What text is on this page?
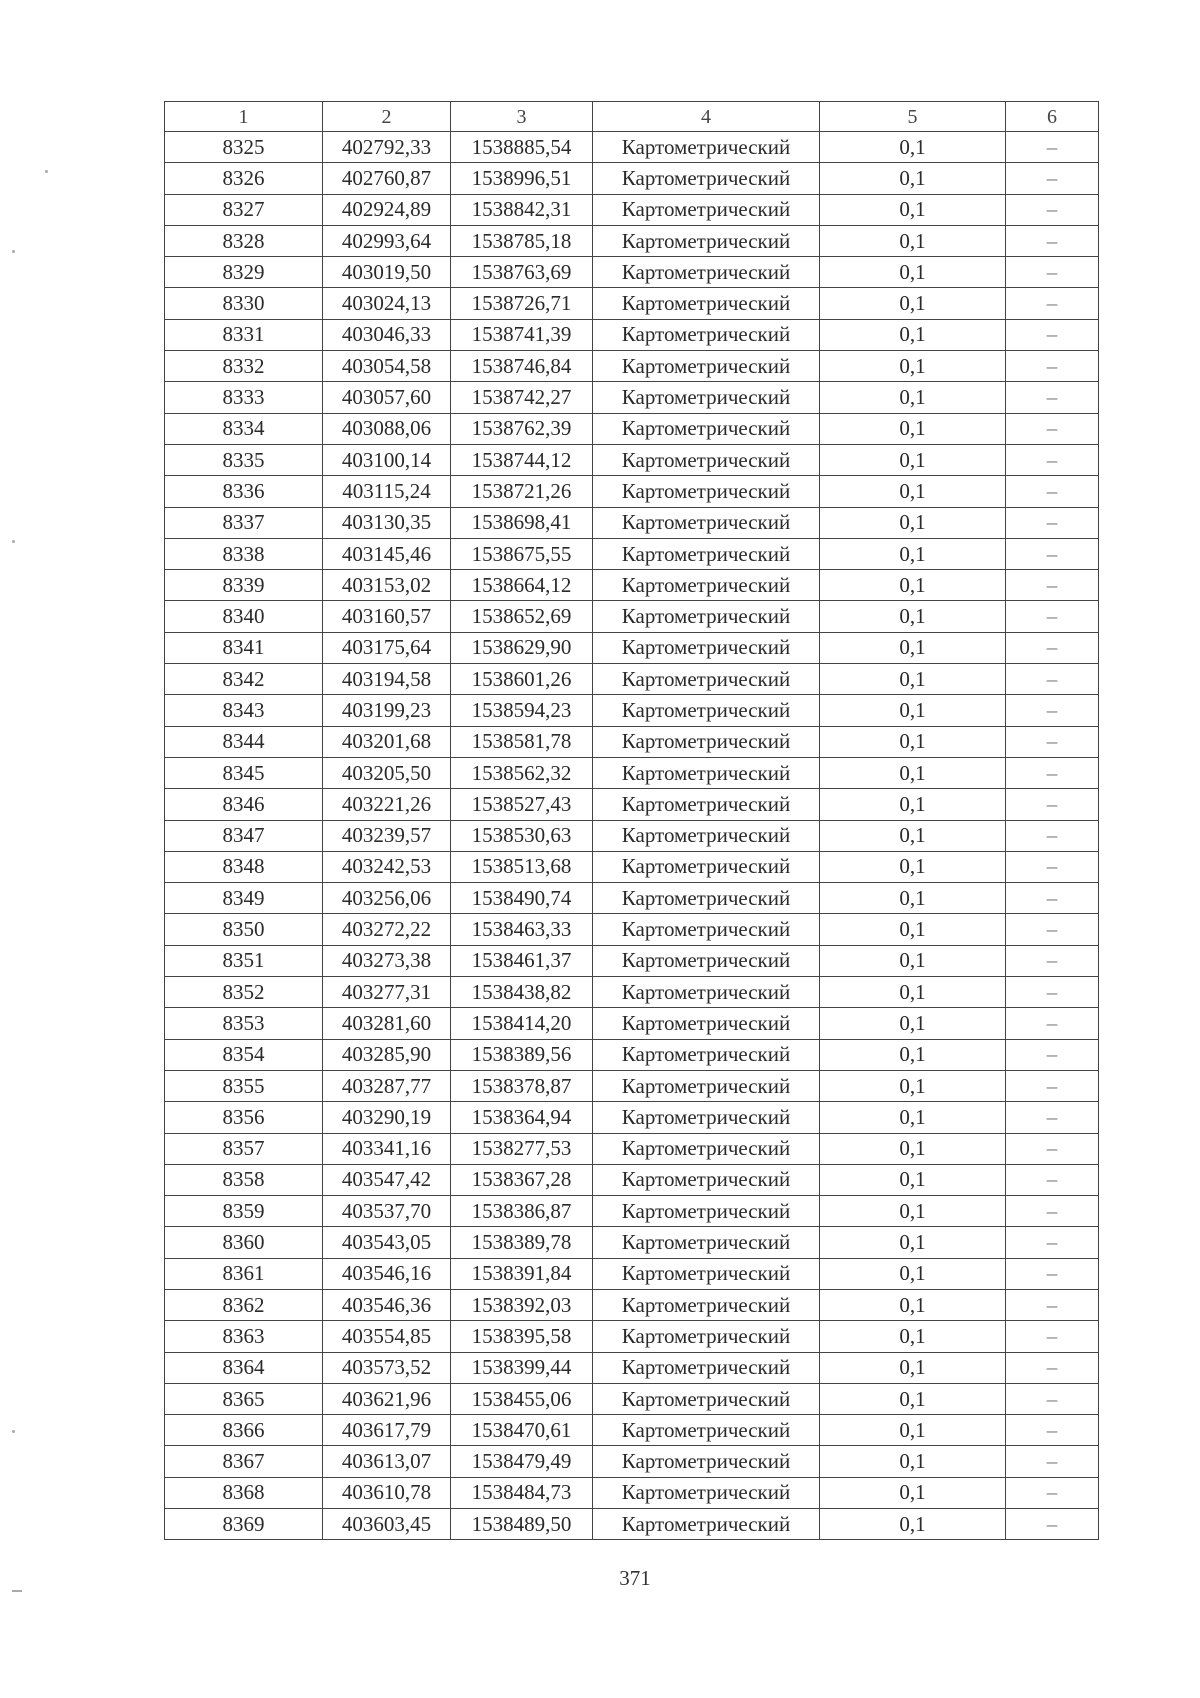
1	2	3	4	5	6
8325	402792,33	1538885,54	Картометрический	0,1	–
8326	402760,87	1538996,51	Картометрический	0,1	–
8327	402924,89	1538842,31	Картометрический	0,1	–
8328	402993,64	1538785,18	Картометрический	0,1	–
8329	403019,50	1538763,69	Картометрический	0,1	–
8330	403024,13	1538726,71	Картометрический	0,1	–
8331	403046,33	1538741,39	Картометрический	0,1	–
8332	403054,58	1538746,84	Картометрический	0,1	–
8333	403057,60	1538742,27	Картометрический	0,1	–
8334	403088,06	1538762,39	Картометрический	0,1	–
8335	403100,14	1538744,12	Картометрический	0,1	–
8336	403115,24	1538721,26	Картометрический	0,1	–
8337	403130,35	1538698,41	Картометрический	0,1	–
8338	403145,46	1538675,55	Картометрический	0,1	–
8339	403153,02	1538664,12	Картометрический	0,1	–
8340	403160,57	1538652,69	Картометрический	0,1	–
8341	403175,64	1538629,90	Картометрический	0,1	–
8342	403194,58	1538601,26	Картометрический	0,1	–
8343	403199,23	1538594,23	Картометрический	0,1	–
8344	403201,68	1538581,78	Картометрический	0,1	–
8345	403205,50	1538562,32	Картометрический	0,1	–
8346	403221,26	1538527,43	Картометрический	0,1	–
8347	403239,57	1538530,63	Картометрический	0,1	–
8348	403242,53	1538513,68	Картометрический	0,1	–
8349	403256,06	1538490,74	Картометрический	0,1	–
8350	403272,22	1538463,33	Картометрический	0,1	–
8351	403273,38	1538461,37	Картометрический	0,1	–
8352	403277,31	1538438,82	Картометрический	0,1	–
8353	403281,60	1538414,20	Картометрический	0,1	–
8354	403285,90	1538389,56	Картометрический	0,1	–
8355	403287,77	1538378,87	Картометрический	0,1	–
8356	403290,19	1538364,94	Картометрический	0,1	–
8357	403341,16	1538277,53	Картометрический	0,1	–
8358	403547,42	1538367,28	Картометрический	0,1	–
8359	403537,70	1538386,87	Картометрический	0,1	–
8360	403543,05	1538389,78	Картометрический	0,1	–
8361	403546,16	1538391,84	Картометрический	0,1	–
8362	403546,36	1538392,03	Картометрический	0,1	–
8363	403554,85	1538395,58	Картометрический	0,1	–
8364	403573,52	1538399,44	Картометрический	0,1	–
8365	403621,96	1538455,06	Картометрический	0,1	–
8366	403617,79	1538470,61	Картометрический	0,1	–
8367	403613,07	1538479,49	Картометрический	0,1	–
8368	403610,78	1538484,73	Картометрический	0,1	–
8369	403603,45	1538489,50	Картометрический	0,1	–
371
